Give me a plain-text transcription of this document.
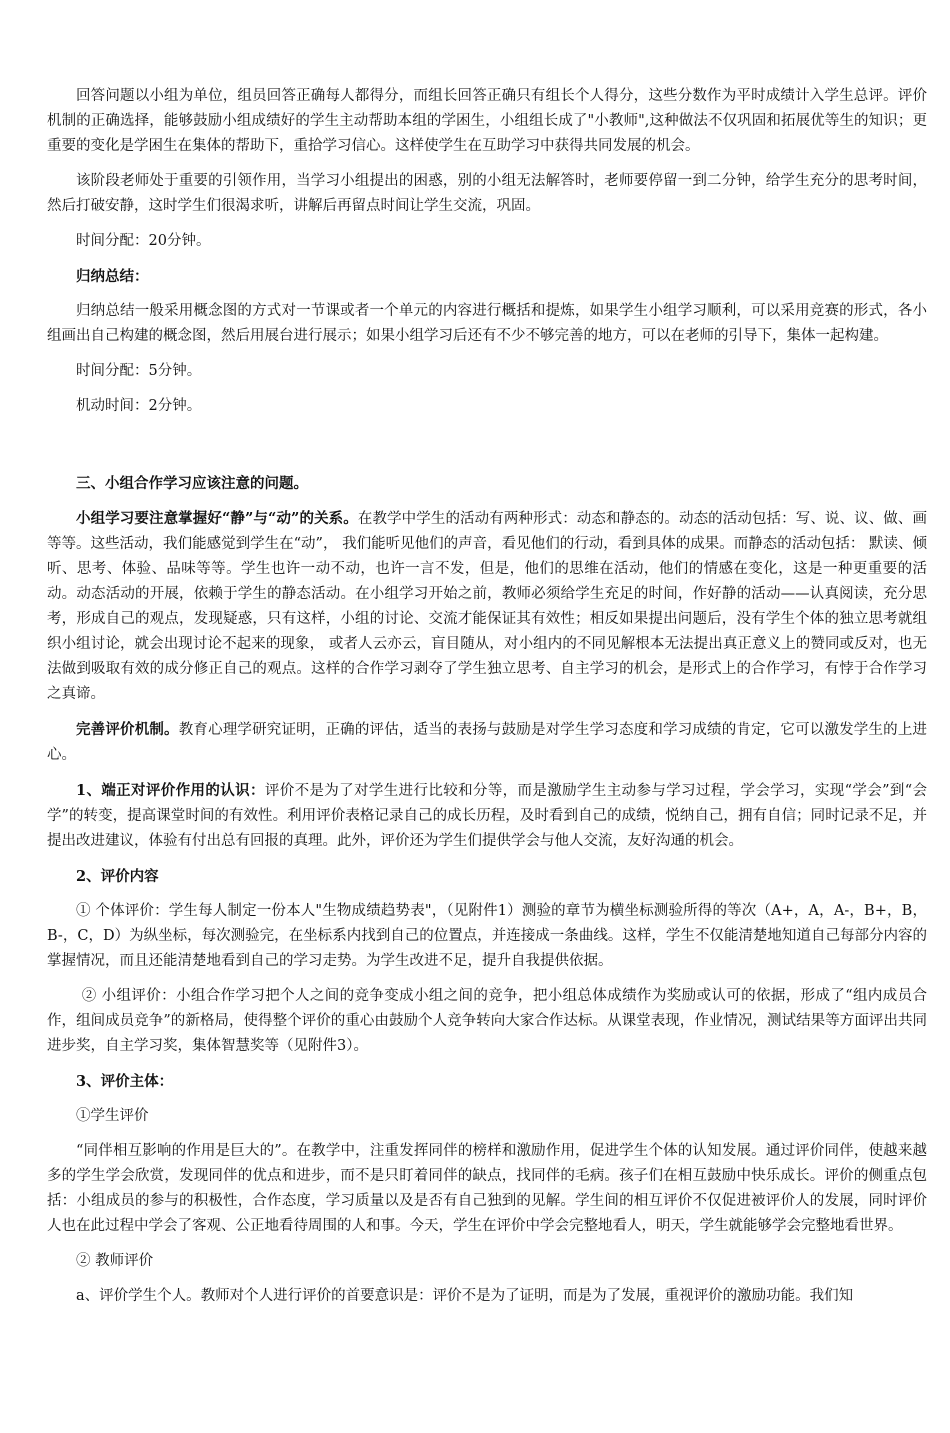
回答问题以小组为单位，组员回答正确每人都得分，而组长回答正确只有组长个人得分，这些分数作为平时成绩计入学生总评。评价机制的正确选择，能够鼓励小组成绩好的学生主动帮助本组的学困生，小组组长成了"小教师",这种做法不仅巩固和拓展优等生的知识；更重要的变化是学困生在集体的帮助下，重拾学习信心。这样使学生在互助学习中获得共同发展的机会。

该阶段老师处于重要的引领作用，当学习小组提出的困惑，别的小组无法解答时，老师要停留一到二分钟，给学生充分的思考时间，然后打破安静，这时学生们很渴求听，讲解后再留点时间让学生交流，巩固。

时间分配：20分钟。

归纳总结：

归纳总结一般采用概念图的方式对一节课或者一个单元的内容进行概括和提炼，如果学生小组学习顺利，可以采用竞赛的形式，各小组画出自己构建的概念图，然后用展台进行展示；如果小组学习后还有不少不够完善的地方，可以在老师的引导下，集体一起构建。

时间分配：5分钟。

机动时间：2分钟。

三、小组合作学习应该注意的问题。

小组学习要注意掌握好“静”与“动”的关系。在教学中学生的活动有两种形式：动态和静态的。动态的活动包括：写、说、议、做、画等等。这些活动，我们能感觉到学生在“动”， 我们能听见他们的声音，看见他们的行动，看到具体的成果。而静态的活动包括： 默读、倾听、思考、体验、品味等等。学生也许一动不动，也许一言不发，但是，他们的思维在活动，他们的情感在变化，这是一种更重要的活动。动态活动的开展，依赖于学生的静态活动。在小组学习开始之前，教师必须给学生充足的时间，作好静的活动——认真阅读，充分思考，形成自己的观点，发现疑惑，只有这样，小组的讨论、交流才能保证其有效性；相反如果提出问题后，没有学生个体的独立思考就组织小组讨论，就会出现讨论不起来的现象， 或者人云亦云，盲目随从，对小组内的不同见解根本无法提出真正意义上的赞同或反对，也无法做到吸取有效的成分修正自己的观点。这样的合作学习剥夺了学生独立思考、自主学习的机会，是形式上的合作学习，有悖于合作学习之真谛。

完善评价机制。教育心理学研究证明，正确的评估，适当的表扬与鼓励是对学生学习态度和学习成绩的肯定，它可以激发学生的上进心。

1、端正对评价作用的认识：评价不是为了对学生进行比较和分等，而是激励学生主动参与学习过程，学会学习，实现“学会”到“会学”的转变，提高课堂时间的有效性。利用评价表格记录自己的成长历程，及时看到自己的成绩，悦纳自己，拥有自信；同时记录不足，并提出改进建议，体验有付出总有回报的真理。此外，评价还为学生们提供学会与他人交流，友好沟通的机会。

2、评价内容

① 个体评价：学生每人制定一份本人"生物成绩趋势表"，（见附件1）测验的章节为横坐标测验所得的等次（A+，A，A-，B+，B，B-，C，D）为纵坐标，每次测验完，在坐标系内找到自己的位置点，并连接成一条曲线。这样，学生不仅能清楚地知道自己每部分内容的掌握情况，而且还能清楚地看到自己的学习走势。为学生改进不足，提升自我提供依据。

② 小组评价：小组合作学习把个人之间的竞争变成小组之间的竞争，把小组总体成绩作为奖励或认可的依据，形成了“组内成员合作，组间成员竞争”的新格局，使得整个评价的重心由鼓励个人竞争转向大家合作达标。从课堂表现，作业情况，测试结果等方面评出共同进步奖，自主学习奖，集体智慧奖等（见附件3）。

3、评价主体：

①学生评价

“同伴相互影响的作用是巨大的”。在教学中，注重发挥同伴的榜样和激励作用，促进学生个体的认知发展。通过评价同伴，使越来越多的学生学会欣赏，发现同伴的优点和进步，而不是只盯着同伴的缺点，找同伴的毛病。孩子们在相互鼓励中快乐成长。评价的侧重点包括：小组成员的参与的积极性，合作态度，学习质量以及是否有自己独到的见解。学生间的相互评价不仅促进被评价人的发展，同时评价人也在此过程中学会了客观、公正地看待周围的人和事。今天，学生在评价中学会完整地看人，明天，学生就能够学会完整地看世界。

② 教师评价

a、评价学生个人。教师对个人进行评价的首要意识是：评价不是为了证明，而是为了发展，重视评价的激励功能。我们知
